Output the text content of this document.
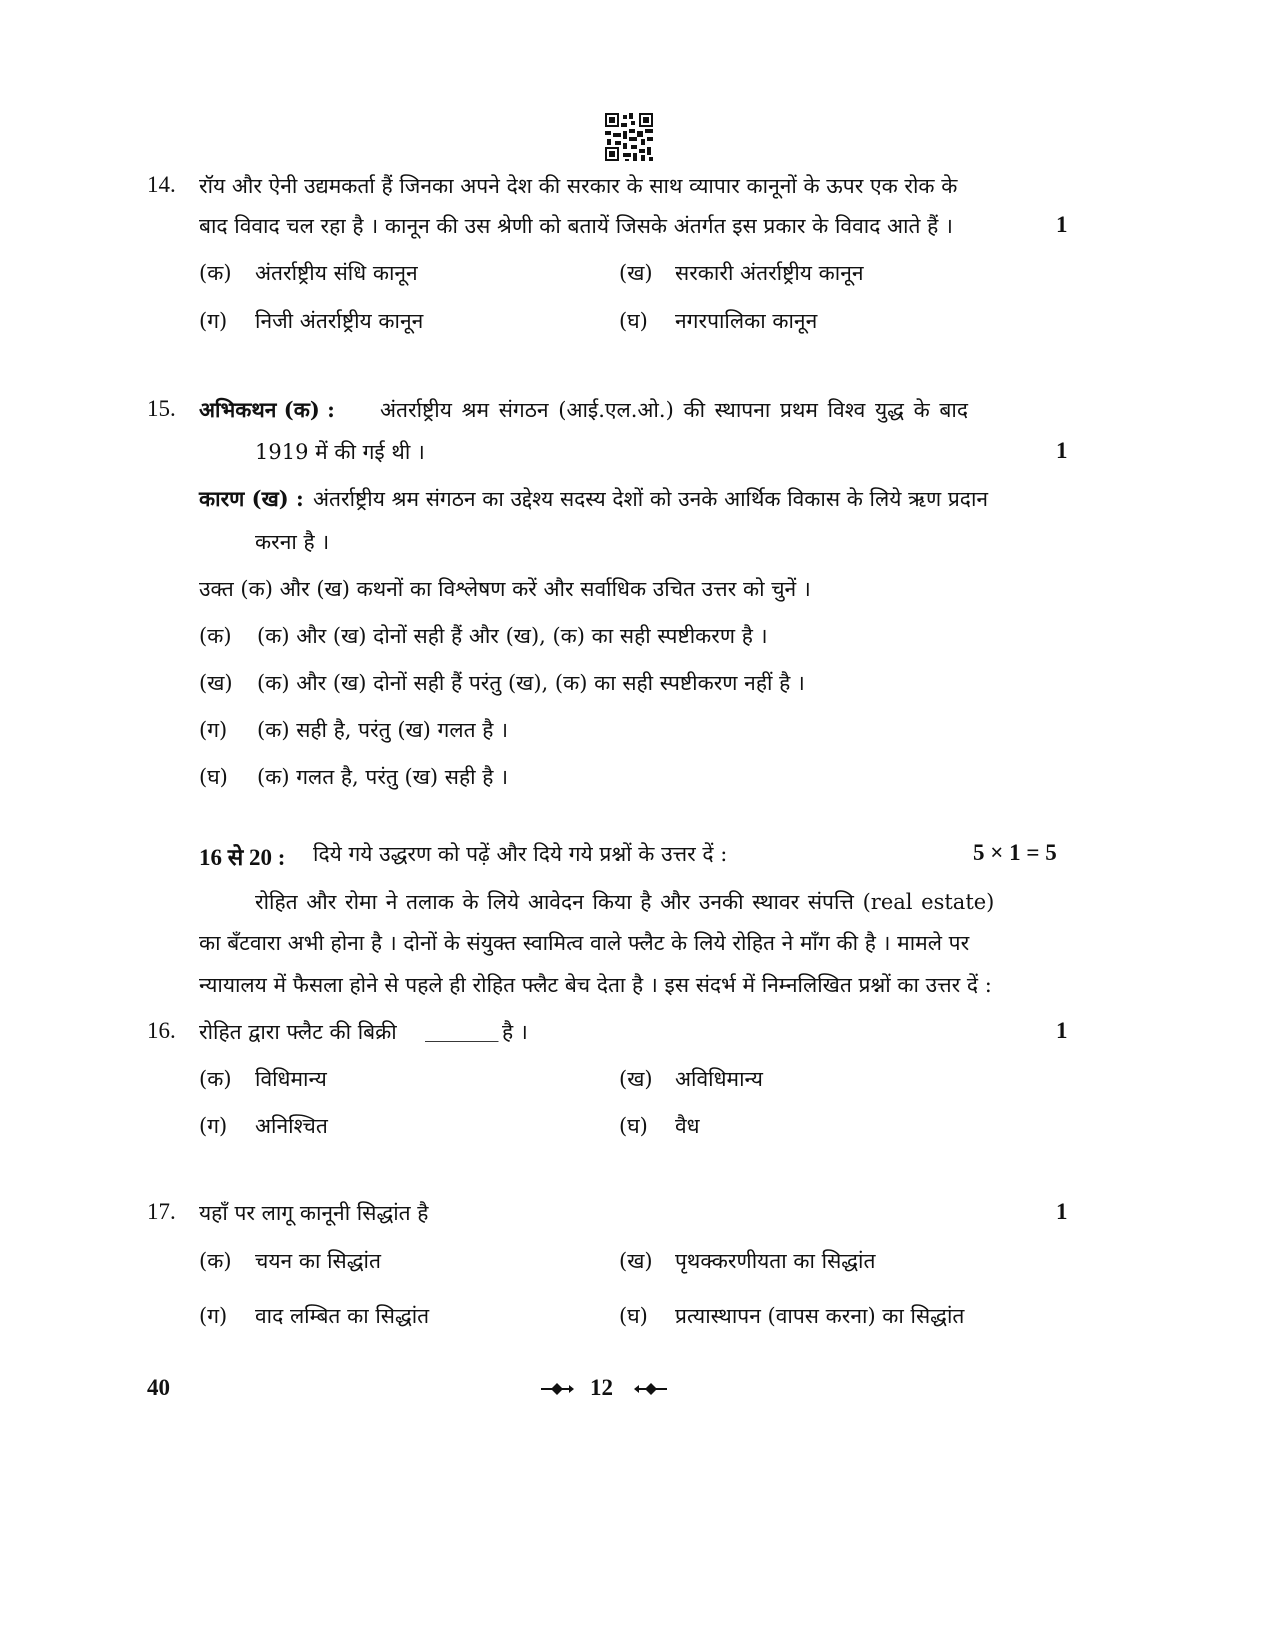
14. रॉय और ऐनी उद्यमकर्ता हैं जिनका अपने देश की सरकार के साथ व्यापार कानूनों के ऊपर एक रोक के
बाद विवाद चल रहा है । कानून की उस श्रेणी को बतायें जिसके अंतर्गत इस प्रकार के विवाद आते हैं ।	1
(क) अंतर्राष्ट्रीय संधि कानून	(ख) सरकारी अंतर्राष्ट्रीय कानून
(ग) निजी अंतर्राष्ट्रीय कानून	(घ) नगरपालिका कानून
15. अभिकथन (क) : अंतर्राष्ट्रीय श्रम संगठन (आई.एल.ओ.) की स्थापना प्रथम विश्व युद्ध के बाद
1919 में की गई थी ।	1
कारण (ख) : अंतर्राष्ट्रीय श्रम संगठन का उद्देश्य सदस्य देशों को उनके आर्थिक विकास के लिये ऋण प्रदान
करना है ।
उक्त (क) और (ख) कथनों का विश्लेषण करें और सर्वाधिक उचित उत्तर को चुनें ।
(क) (क) और (ख) दोनों सही हैं और (ख), (क) का सही स्पष्टीकरण है ।
(ख) (क) और (ख) दोनों सही हैं परंतु (ख), (क) का सही स्पष्टीकरण नहीं है ।
(ग) (क) सही है, परंतु (ख) गलत है ।
(घ) (क) गलत है, परंतु (ख) सही है ।
16 से 20 : दिये गये उद्धरण को पढ़ें और दिये गये प्रश्नों के उत्तर दें :	5 × 1 = 5
रोहित और रोमा ने तलाक के लिये आवेदन किया है और उनकी स्थावर संपत्ति (real estate)
का बँटवारा अभी होना है । दोनों के संयुक्त स्वामित्व वाले फ्लैट के लिये रोहित ने माँग की है । मामले पर
न्यायालय में फैसला होने से पहले ही रोहित फ्लैट बेच देता है । इस संदर्भ में निम्नलिखित प्रश्नों का उत्तर दें :
16. रोहित द्वारा फ्लैट की बिक्री _______ है ।	1
(क) विधिमान्य	(ख) अविधिमान्य
(ग) अनिश्चित	(घ) वैध
17. यहाँ पर लागू कानूनी सिद्धांत है	1
(क) चयन का सिद्धांत	(ख) पृथक्करणीयता का सिद्धांत
(ग) वाद लम्बित का सिद्धांत	(घ) प्रत्यास्थापन (वापस करना) का सिद्धांत
40	12
